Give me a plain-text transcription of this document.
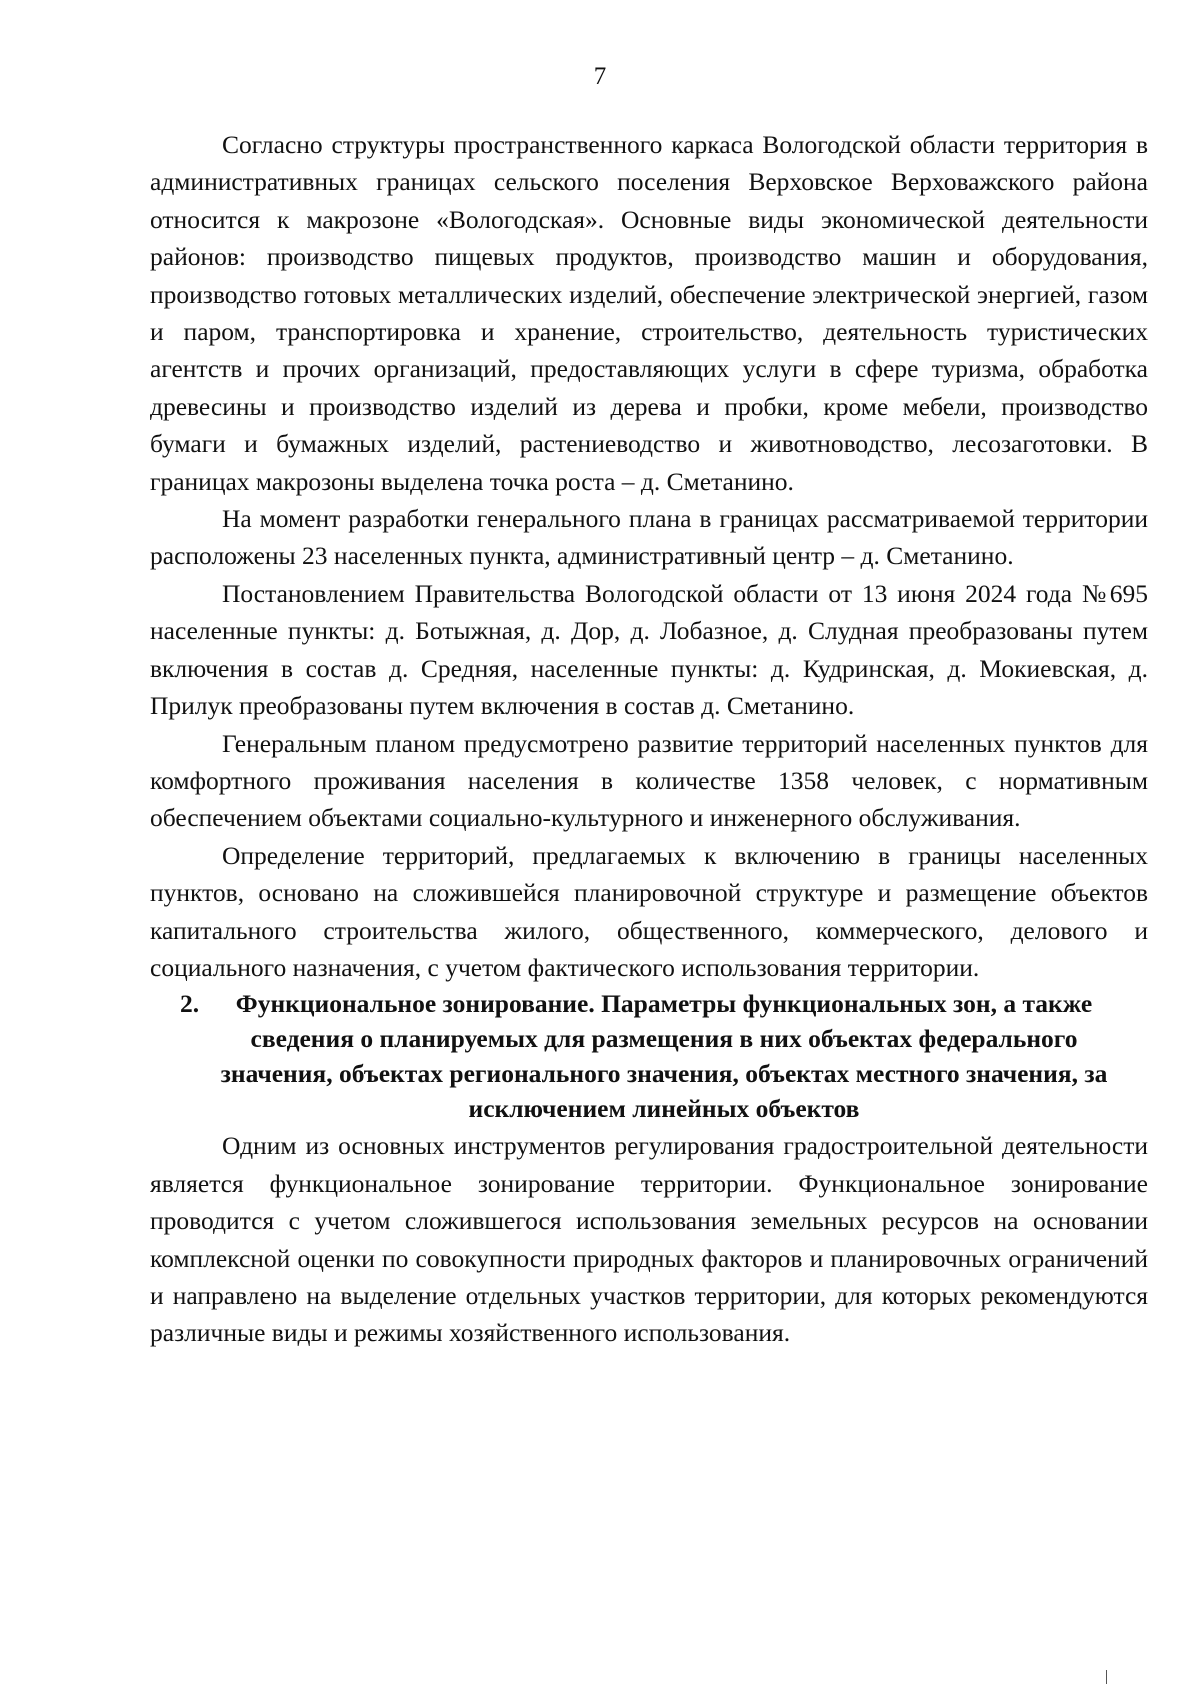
7

Согласно структуры пространственного каркаса Вологодской области территория в административных границах сельского поселения Верховское Верховажского района относится к макрозоне «Вологодская». Основные виды экономической деятельности районов: производство пищевых продуктов, производство машин и оборудования, производство готовых металлических изделий, обеспечение электрической энергией, газом и паром, транспортировка и хранение, строительство, деятельность туристических агентств и прочих организаций, предоставляющих услуги в сфере туризма, обработка древесины и производство изделий из дерева и пробки, кроме мебели, производство бумаги и бумажных изделий, растениеводство и животноводство, лесозаготовки. В границах макрозоны выделена точка роста – д. Сметанино.

На момент разработки генерального плана в границах рассматриваемой территории расположены 23 населенных пункта, административный центр – д. Сметанино.

Постановлением Правительства Вологодской области от 13 июня 2024 года №695 населенные пункты: д. Ботыжная, д. Дор, д. Лобазное, д. Слудная преобразованы путем включения в состав д. Средняя, населенные пункты: д. Кудринская, д. Мокиевская, д. Прилук преобразованы путем включения в состав д. Сметанино.

Генеральным планом предусмотрено развитие территорий населенных пунктов для комфортного проживания населения в количестве 1358 человек, с нормативным обеспечением объектами социально-культурного и инженерного обслуживания.

Определение территорий, предлагаемых к включению в границы населенных пунктов, основано на сложившейся планировочной структуре и размещение объектов капитального строительства жилого, общественного, коммерческого, делового и социального назначения, с учетом фактического использования территории.

2. Функциональное зонирование. Параметры функциональных зон, а также сведения о планируемых для размещения в них объектах федерального значения, объектах регионального значения, объектах местного значения, за исключением линейных объектов

Одним из основных инструментов регулирования градостроительной деятельности является функциональное зонирование территории. Функциональное зонирование проводится с учетом сложившегося использования земельных ресурсов на основании комплексной оценки по совокупности природных факторов и планировочных ограничений и направлено на выделение отдельных участков территории, для которых рекомендуются различные виды и режимы хозяйственного использования.
